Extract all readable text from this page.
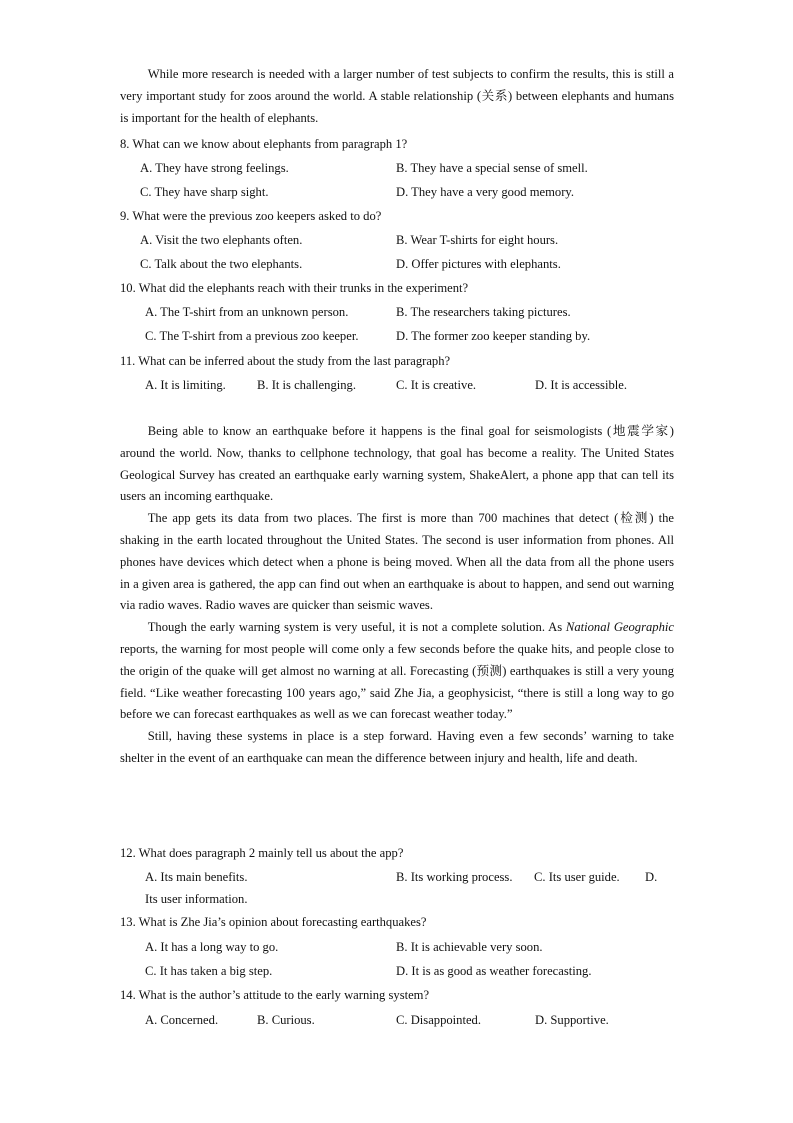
While more research is needed with a larger number of test subjects to confirm the results, this is still a very important study for zoos around the world. A stable relationship (关系) between elephants and humans is important for the health of elephants.

8. What can we know about elephants from paragraph 1?
A. They have strong feelings.	B. They have a special sense of smell.
C. They have sharp sight.	D. They have a very good memory.
9. What were the previous zoo keepers asked to do?
A. Visit the two elephants often.	B. Wear T-shirts for eight hours.
C. Talk about the two elephants.	D. Offer pictures with elephants.
10. What did the elephants reach with their trunks in the experiment?
A. The T-shirt from an unknown person.	B. The researchers taking pictures.
C. The T-shirt from a previous zoo keeper.	D. The former zoo keeper standing by.
11. What can be inferred about the study from the last paragraph?
A. It is limiting. B. It is challenging.	C. It is creative.	D. It is accessible.

Being able to know an earthquake before it happens is the final goal for seismologists (地震学家) around the world. Now, thanks to cellphone technology, that goal has become a reality. The United States Geological Survey has created an earthquake early warning system, ShakeAlert, a phone app that can tell its users an incoming earthquake.

The app gets its data from two places. The first is more than 700 machines that detect (检测) the shaking in the earth located throughout the United States. The second is user information from phones. All phones have devices which detect when a phone is being moved. When all the data from all the phone users in a given area is gathered, the app can find out when an earthquake is about to happen, and send out warning via radio waves. Radio waves are quicker than seismic waves.

Though the early warning system is very useful, it is not a complete solution. As National Geographic reports, the warning for most people will come only a few seconds before the quake hits, and people close to the origin of the quake will get almost no warning at all. Forecasting (预测) earthquakes is still a very young field. “Like weather forecasting 100 years ago,” said Zhe Jia, a geophysicist, “there is still a long way to go before we can forecast earthquakes as well as we can forecast weather today.”

Still, having these systems in place is a step forward. Having even a few seconds’ warning to take shelter in the event of an earthquake can mean the difference between injury and health, life and death.

12. What does paragraph 2 mainly tell us about the app?
A. Its main benefits.	B. Its working process. C. Its user guide. D.
Its user information.
13. What is Zhe Jia’s opinion about forecasting earthquakes?
A. It has a long way to go.	B. It is achievable very soon.
C. It has taken a big step.	D. It is as good as weather forecasting.
14. What is the author’s attitude to the early warning system?
A. Concerned.	B. Curious.	C. Disappointed.	D. Supportive.
